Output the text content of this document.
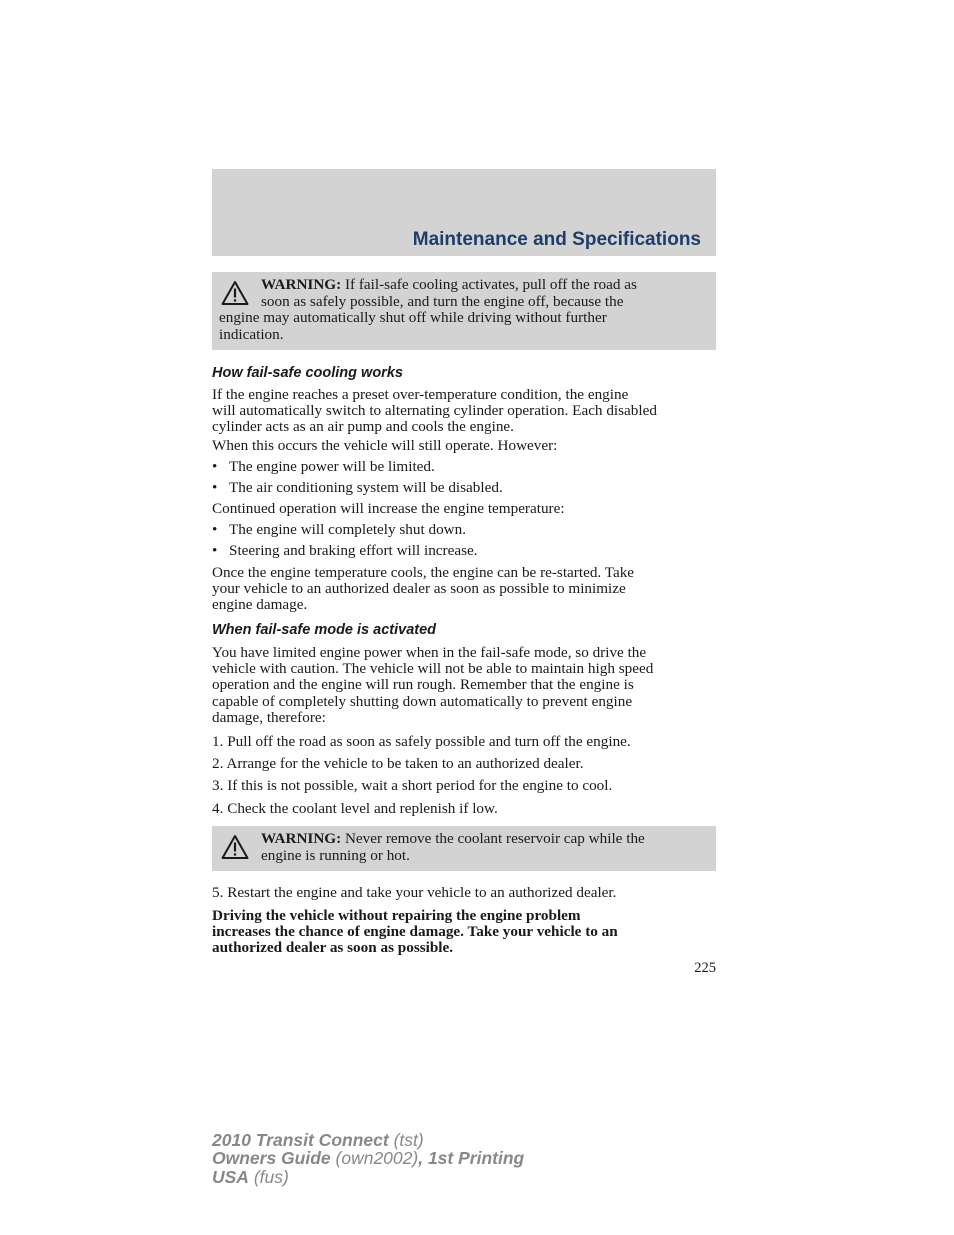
Maintenance and Specifications
WARNING: If fail-safe cooling activates, pull off the road as
soon as safely possible, and turn the engine off, because the
engine may automatically shut off while driving without further
indication.
How fail-safe cooling works
If the engine reaches a preset over-temperature condition, the engine
will automatically switch to alternating cylinder operation. Each disabled
cylinder acts as an air pump and cools the engine.
When this occurs the vehicle will still operate. However:
• The engine power will be limited.
• The air conditioning system will be disabled.
Continued operation will increase the engine temperature:
• The engine will completely shut down.
• Steering and braking effort will increase.
Once the engine temperature cools, the engine can be re-started. Take
your vehicle to an authorized dealer as soon as possible to minimize
engine damage.
When fail-safe mode is activated
You have limited engine power when in the fail-safe mode, so drive the
vehicle with caution. The vehicle will not be able to maintain high speed
operation and the engine will run rough. Remember that the engine is
capable of completely shutting down automatically to prevent engine
damage, therefore:
1. Pull off the road as soon as safely possible and turn off the engine.
2. Arrange for the vehicle to be taken to an authorized dealer.
3. If this is not possible, wait a short period for the engine to cool.
4. Check the coolant level and replenish if low.
WARNING: Never remove the coolant reservoir cap while the
engine is running or hot.
5. Restart the engine and take your vehicle to an authorized dealer.
Driving the vehicle without repairing the engine problem
increases the chance of engine damage. Take your vehicle to an
authorized dealer as soon as possible.
225
2010 Transit Connect (tst)
Owners Guide (own2002), 1st Printing
USA (fus)
